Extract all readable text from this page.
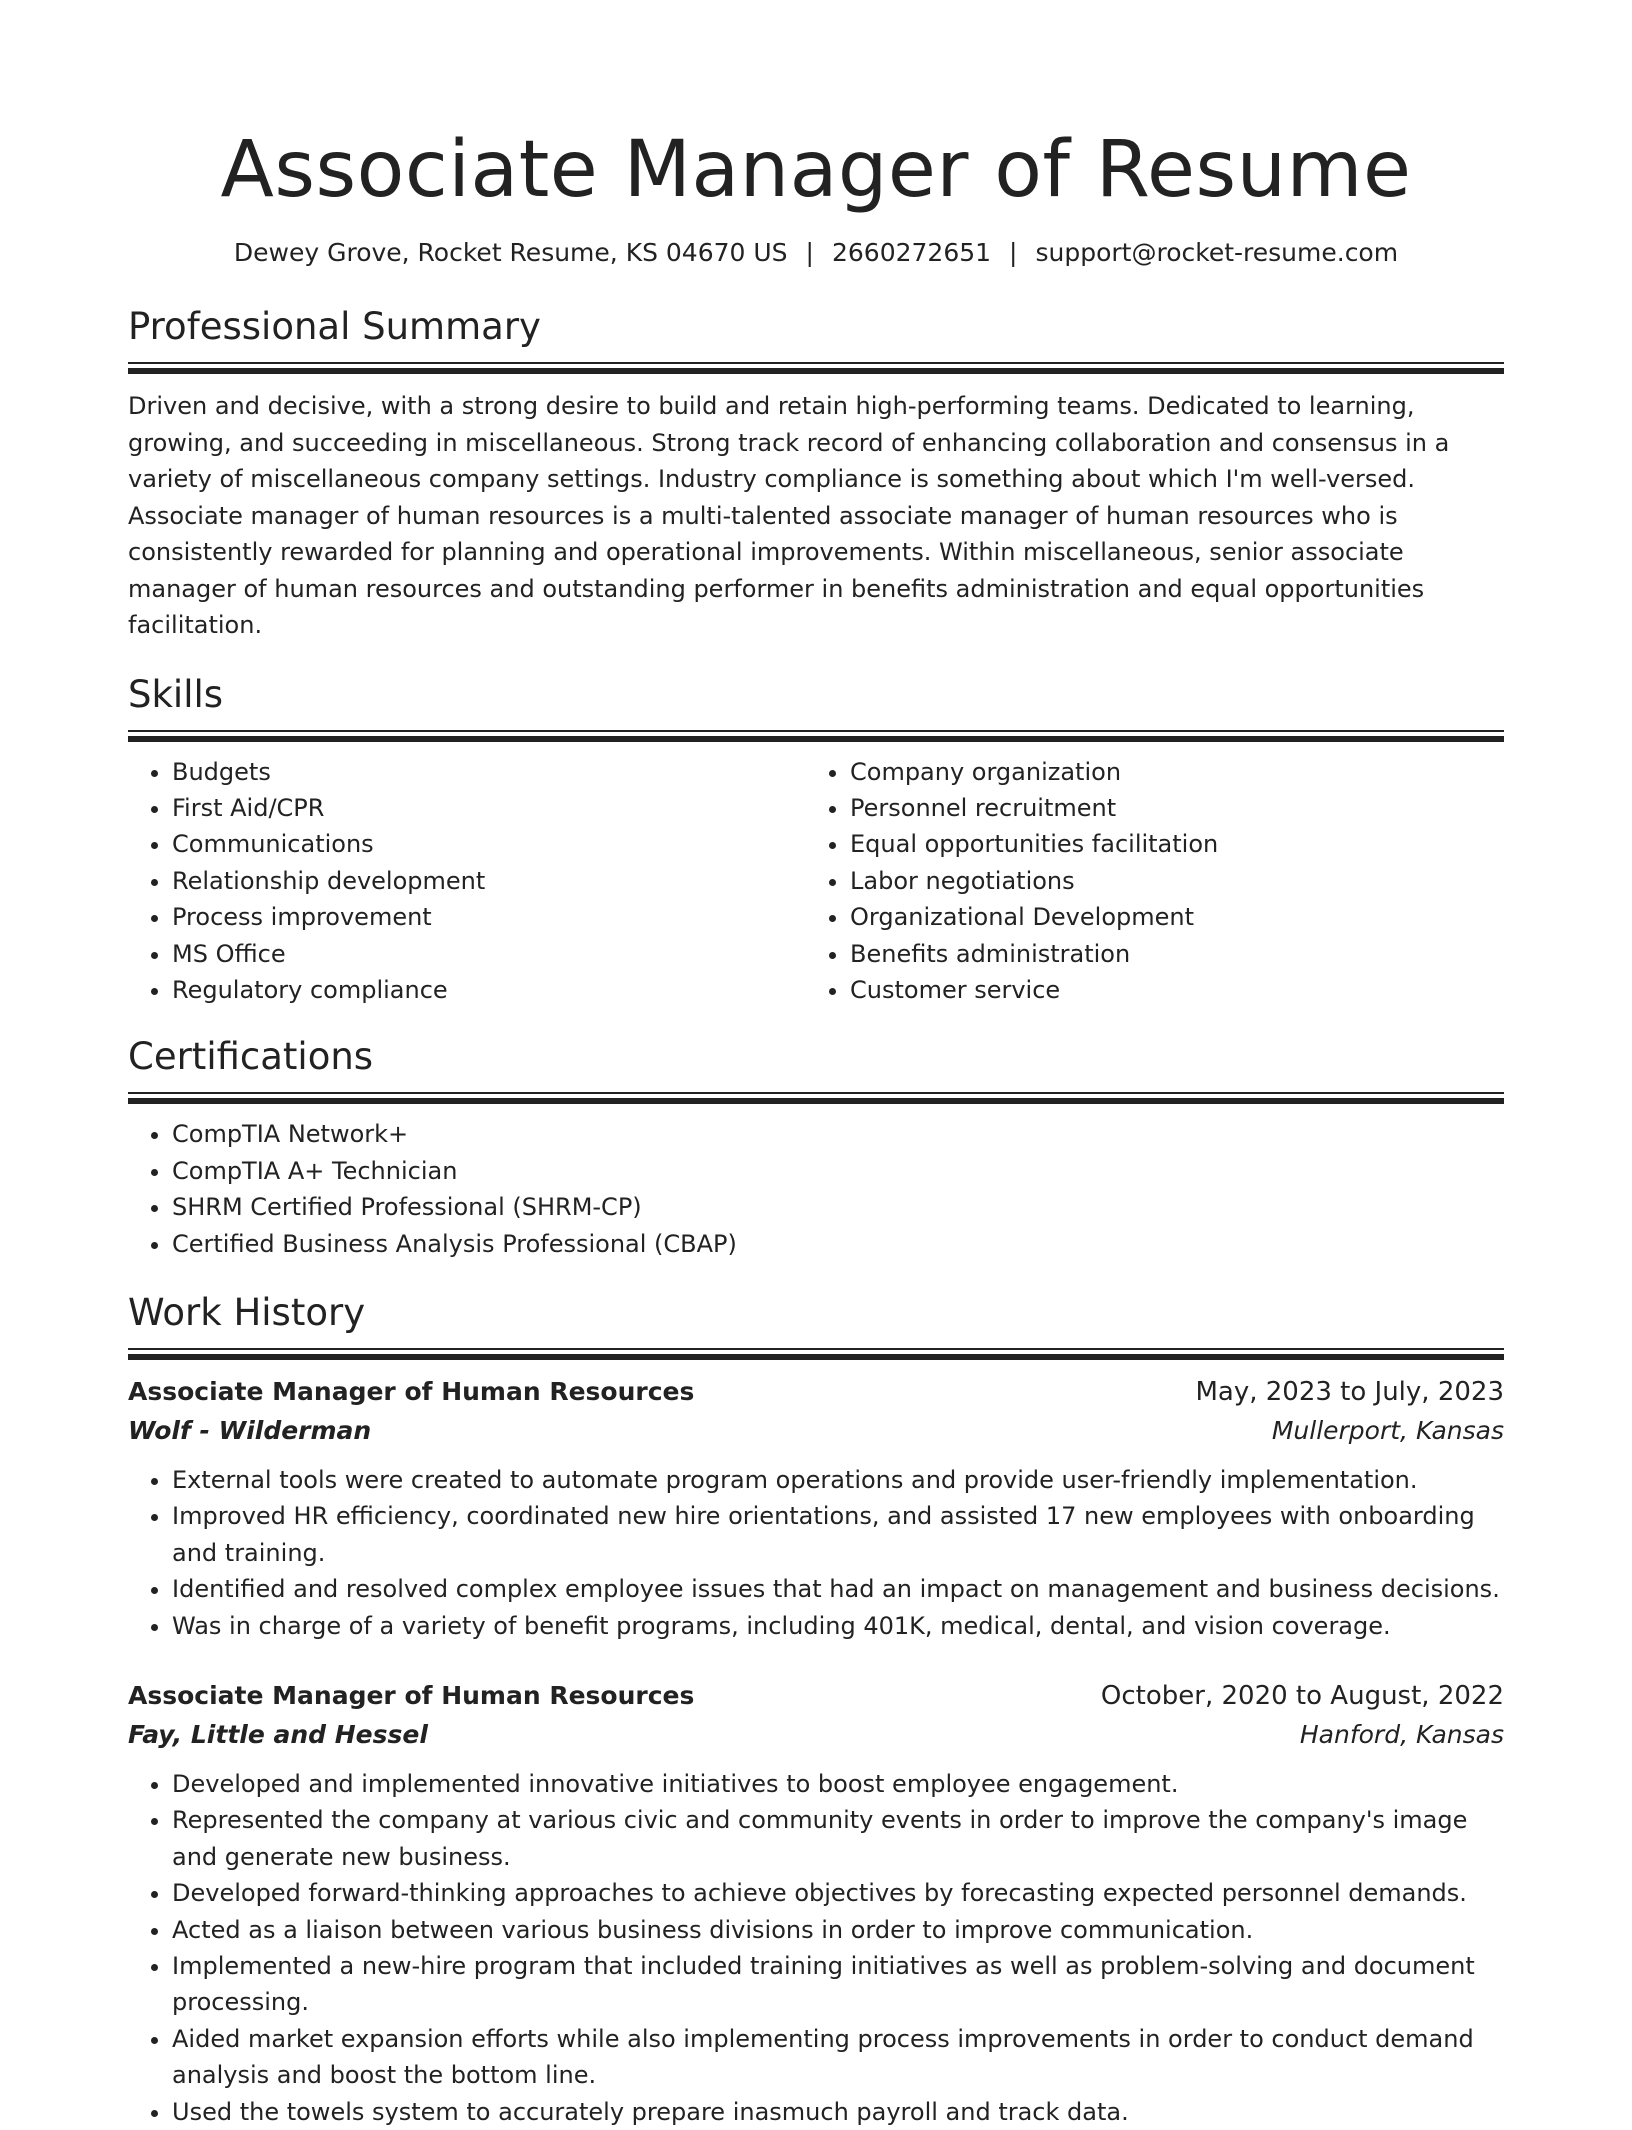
Associate Manager of Resume
Dewey Grove, Rocket Resume, KS 04670 US | 2660272651 | support@rocket-resume.com
Professional Summary

Driven and decisive, with a strong desire to build and retain high-performing teams. Dedicated to learning, growing, and succeeding in miscellaneous. Strong track record of enhancing collaboration and consensus in a variety of miscellaneous company settings. Industry compliance is something about which I'm well-versed. Associate manager of human resources is a multi-talented associate manager of human resources who is consistently rewarded for planning and operational improvements. Within miscellaneous, senior associate manager of human resources and outstanding performer in benefits administration and equal opportunities facilitation.

Skills
• Budgets
• First Aid/CPR
• Communications
• Relationship development
• Process improvement
• MS Office
• Regulatory compliance
• Company organization
• Personnel recruitment
• Equal opportunities facilitation
• Labor negotiations
• Organizational Development
• Benefits administration
• Customer service
Certifications
• CompTIA Network+
• CompTIA A+ Technician
• SHRM Certified Professional (SHRM-CP)
• Certified Business Analysis Professional (CBAP)
Work History
Associate Manager of Human Resources	May, 2023 to July, 2023
Wolf - Wilderman	Mullerport, Kansas
• External tools were created to automate program operations and provide user-friendly implementation.
• Improved HR efficiency, coordinated new hire orientations, and assisted 17 new employees with onboarding and training.
• Identified and resolved complex employee issues that had an impact on management and business decisions.
• Was in charge of a variety of benefit programs, including 401K, medical, dental, and vision coverage.
Associate Manager of Human Resources	October, 2020 to August, 2022
Fay, Little and Hessel	Hanford, Kansas
• Developed and implemented innovative initiatives to boost employee engagement.
• Represented the company at various civic and community events in order to improve the company's image and generate new business.
• Developed forward-thinking approaches to achieve objectives by forecasting expected personnel demands.
• Acted as a liaison between various business divisions in order to improve communication.
• Implemented a new-hire program that included training initiatives as well as problem-solving and document processing.
• Aided market expansion efforts while also implementing process improvements in order to conduct demand analysis and boost the bottom line.
• Used the towels system to accurately prepare inasmuch payroll and track data.
